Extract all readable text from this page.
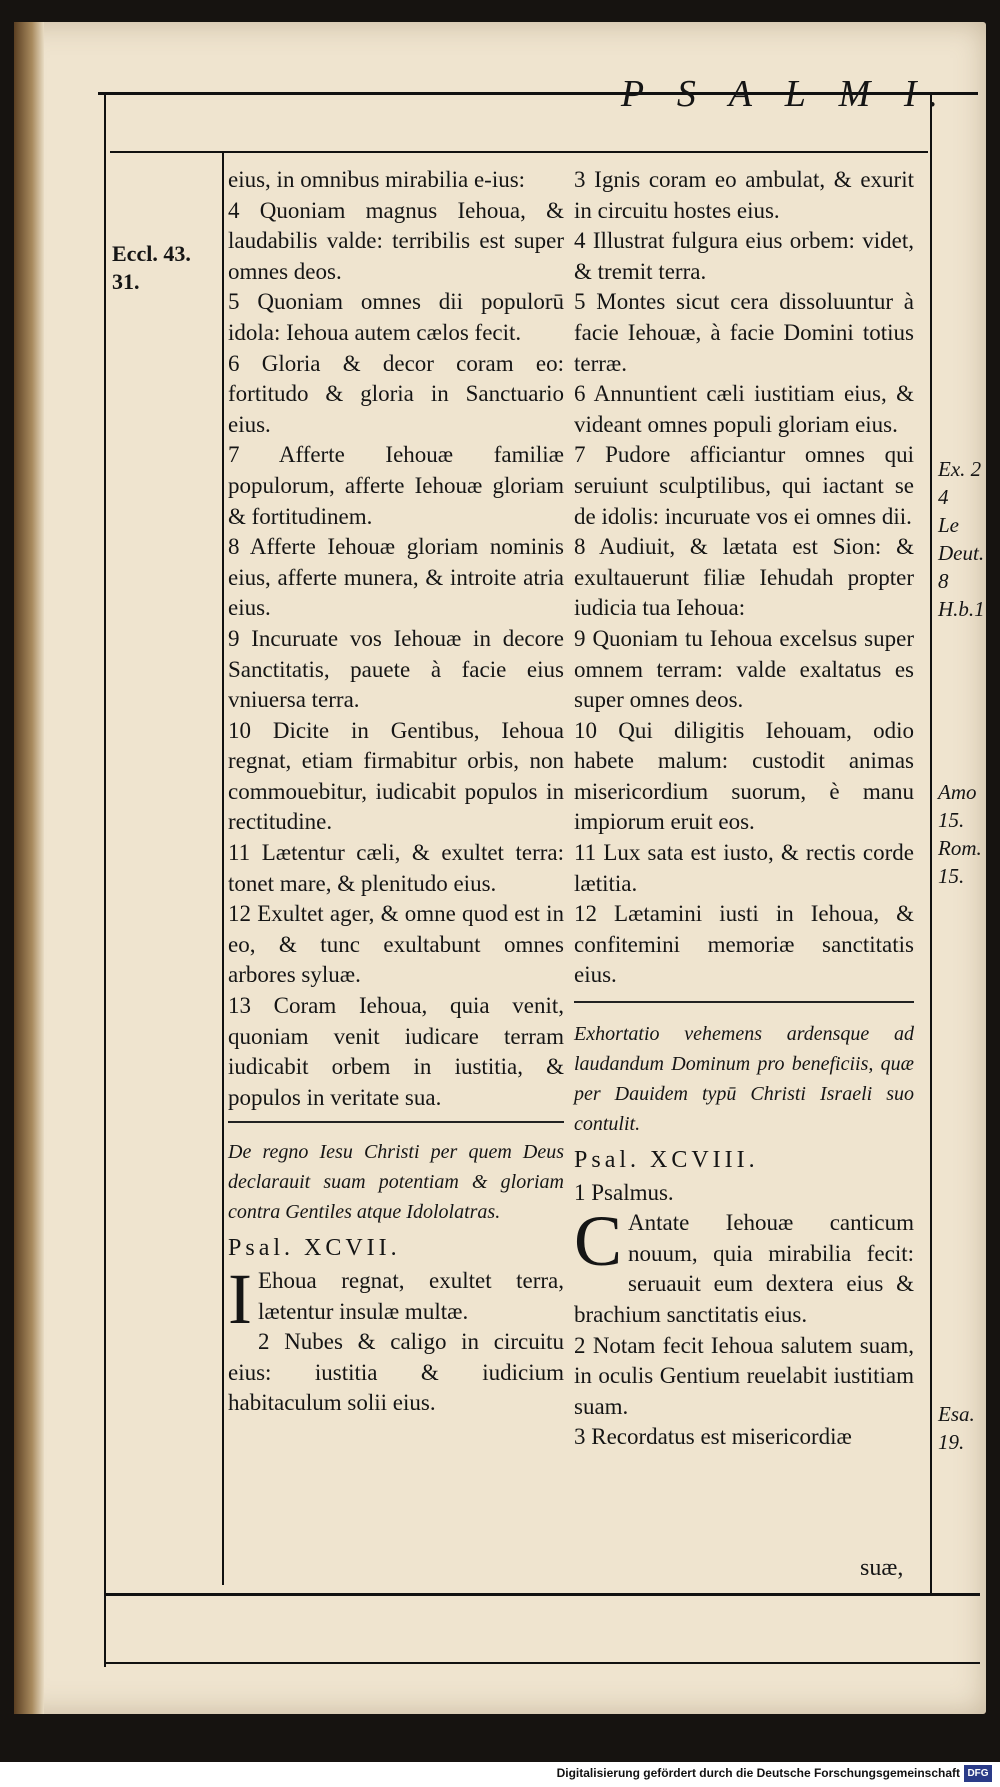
P S A L M I.
Eccl. 43.
31.
Ex. 2
4
Le
Deut.
8
H.b.1
Amo
15.
Rom.
15.
Esa.
19.

eius, in omnibus mirabilia e-ius:

4 Quoniam magnus Iehoua, & laudabilis valde: terribilis est super omnes deos.

5 Quoniam omnes dii populorū idola: Iehoua autem cælos fecit.

6 Gloria & decor coram eo: fortitudo & gloria in Sanctuario eius.

7 Afferte Iehouæ familiæ populorum, afferte Iehouæ gloriam & fortitudinem.

8 Afferte Iehouæ gloriam nominis eius, afferte munera, & introite atria eius.

9 Incuruate vos Iehouæ in decore Sanctitatis, pauete à facie eius vniuersa terra.

10 Dicite in Gentibus, Iehoua regnat, etiam firmabitur orbis, non commouebitur, iudicabit populos in rectitudine.

11 Lætentur cæli, & exultet terra: tonet mare, & plenitudo eius.

12 Exultet ager, & omne quod est in eo, & tunc exultabunt omnes arbores syluæ.

13 Coram Iehoua, quia venit, quoniam venit iudicare terram iudicabit orbem in iustitia, & populos in veritate sua.

De regno Iesu Christi per quem Deus declarauit suam potentiam & gloriam contra Gentiles atque Idololatras.

Psal. XCVII.

I Ehoua regnat, exultet terra, lætentur insulæ multæ.

2 Nubes & caligo in circuitu eius: iustitia & iudicium habitaculum solii eius.

3 Ignis coram eo ambulat, & exurit in circuitu hostes eius.

4 Illustrat fulgura eius orbem: videt, & tremit terra.

5 Montes sicut cera dissoluuntur à facie Iehouæ, à facie Domini totius terræ.

6 Annuntient cæli iustitiam eius, & videant omnes populi gloriam eius.

7 Pudore afficiantur omnes qui seruiunt sculptilibus, qui iactant se de idolis: incuruate vos ei omnes dii.

8 Audiuit, & lætata est Sion: & exultauerunt filiæ Iehudah propter iudicia tua Iehoua:

9 Quoniam tu Iehoua excelsus super omnem terram: valde exaltatus es super omnes deos.

10 Qui diligitis Iehouam, odio habete malum: custodit animas misericordium suorum, è manu impiorum eruit eos.

11 Lux sata est iusto, & rectis corde lætitia.

12 Lætamini iusti in Iehoua, & confitemini memoriæ sanctitatis eius.

Exhortatio vehemens ardensque ad laudandum Dominum pro beneficiis, quæ per Dauidem typū Christi Israeli suo contulit.

Psal. XCVIII.

1 Psalmus.

C Antate Iehouæ canticum nouum, quia mirabilia fecit: seruauit eum dextera eius & brachium sanctitatis eius.

2 Notam fecit Iehoua salutem suam, in oculis Gentium reuelabit iustitiam suam.

3 Recordatus est misericordiæ

suæ,
Digitalisierung gefördert durch die Deutsche Forschungsgemeinschaft DFG
